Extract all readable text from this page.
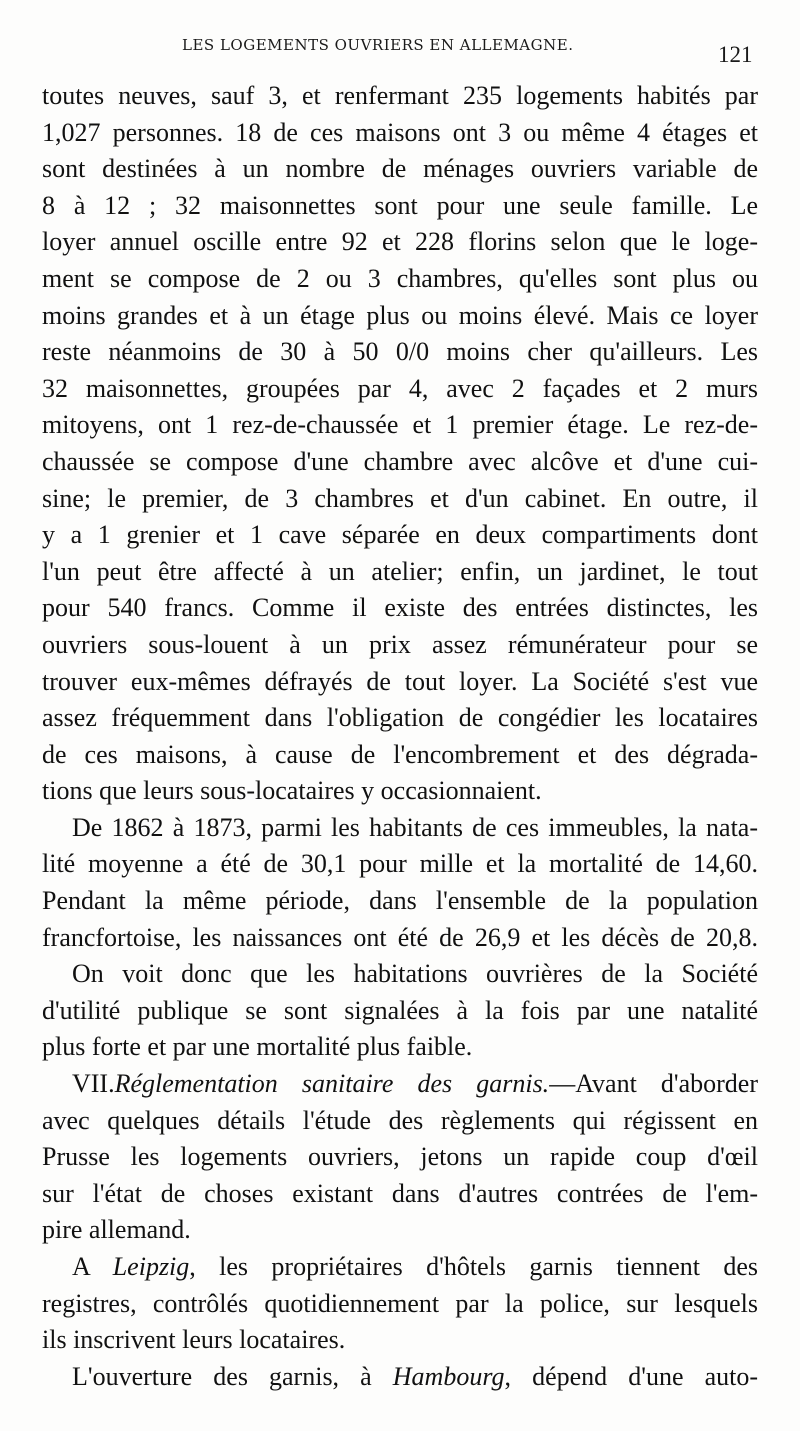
LES LOGEMENTS OUVRIERS EN ALLEMAGNE.	121
toutes neuves, sauf 3, et renfermant 235 logements habités par
1,027 personnes. 18 de ces maisons ont 3 ou même 4 étages et
sont destinées à un nombre de ménages ouvriers variable de
8 à 12 ; 32 maisonnettes sont pour une seule famille. Le
loyer annuel oscille entre 92 et 228 florins selon que le loge-
ment se compose de 2 ou 3 chambres, qu'elles sont plus ou
moins grandes et à un étage plus ou moins élevé. Mais ce loyer
reste néanmoins de 30 à 50 0/0 moins cher qu'ailleurs. Les
32 maisonnettes, groupées par 4, avec 2 façades et 2 murs
mitoyens, ont 1 rez-de-chaussée et 1 premier étage. Le rez-de-
chaussée se compose d'une chambre avec alcôve et d'une cui-
sine; le premier, de 3 chambres et d'un cabinet. En outre, il
y a 1 grenier et 1 cave séparée en deux compartiments dont
l'un peut être affecté à un atelier; enfin, un jardinet, le tout
pour 540 francs. Comme il existe des entrées distinctes, les
ouvriers sous-louent à un prix assez rémunérateur pour se
trouver eux-mêmes défrayés de tout loyer. La Société s'est vue
assez fréquemment dans l'obligation de congédier les locataires
de ces maisons, à cause de l'encombrement et des dégrada-
tions que leurs sous-locataires y occasionnaient.
De 1862 à 1873, parmi les habitants de ces immeubles, la nata-
lité moyenne a été de 30,1 pour mille et la mortalité de 14,60.
Pendant la même période, dans l'ensemble de la population
francfortoise, les naissances ont été de 26,9 et les décès de 20,8.
On voit donc que les habitations ouvrières de la Société
d'utilité publique se sont signalées à la fois par une natalité
plus forte et par une mortalité plus faible.
VII.Réglementation sanitaire des garnis.—Avant d'aborder
avec quelques détails l'étude des règlements qui régissent en
Prusse les logements ouvriers, jetons un rapide coup d'œil
sur l'état de choses existant dans d'autres contrées de l'em-
pire allemand.
A Leipzig, les propriétaires d'hôtels garnis tiennent des
registres, contrôlés quotidiennement par la police, sur lesquels
ils inscrivent leurs locataires.
L'ouverture des garnis, à Hambourg, dépend d'une auto-
